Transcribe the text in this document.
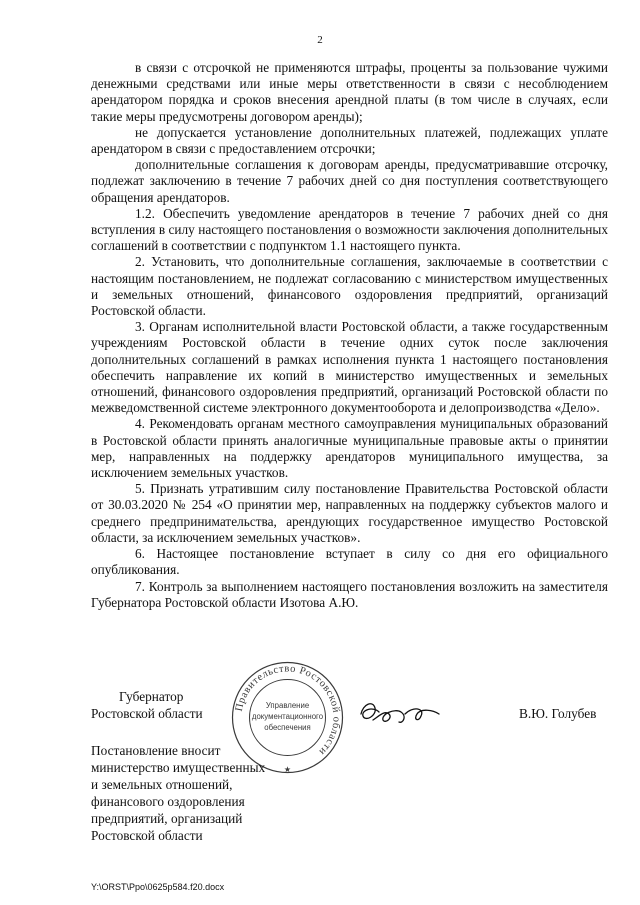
2

в связи с отсрочкой не применяются штрафы, проценты за пользование чужими денежными средствами или иные меры ответственности в связи с несоблюдением арендатором порядка и сроков внесения арендной платы (в том числе в случаях, если такие меры предусмотрены договором аренды);

не допускается установление дополнительных платежей, подлежащих уплате арендатором в связи с предоставлением отсрочки;

дополнительные соглашения к договорам аренды, предусматривавшие отсрочку, подлежат заключению в течение 7 рабочих дней со дня поступления соответствующего обращения арендаторов.

1.2. Обеспечить уведомление арендаторов в течение 7 рабочих дней со дня вступления в силу настоящего постановления о возможности заключения дополнительных соглашений в соответствии с подпунктом 1.1 настоящего пункта.

2. Установить, что дополнительные соглашения, заключаемые в соответствии с настоящим постановлением, не подлежат согласованию с министерством имущественных и земельных отношений, финансового оздоровления предприятий, организаций Ростовской области.

3. Органам исполнительной власти Ростовской области, а также государственным учреждениям Ростовской области в течение одних суток после заключения дополнительных соглашений в рамках исполнения пункта 1 настоящего постановления обеспечить направление их копий в министерство имущественных и земельных отношений, финансового оздоровления предприятий, организаций Ростовской области по межведомственной системе электронного документооборота и делопроизводства «Дело».

4. Рекомендовать органам местного самоуправления муниципальных образований в Ростовской области принять аналогичные муниципальные правовые акты о принятии мер, направленных на поддержку арендаторов муниципального имущества, за исключением земельных участков.

5. Признать утратившим силу постановление Правительства Ростовской области от 30.03.2020 № 254 «О принятии мер, направленных на поддержку субъектов малого и среднего предпринимательства, арендующих государственное имущество Ростовской области, за исключением земельных участков».

6. Настоящее постановление вступает в силу со дня его официального опубликования.

7. Контроль за выполнением настоящего постановления возложить на заместителя Губернатора Ростовской области Изотова А.Ю.

Губернатор
Ростовской области	Правительство Ростовской области
Управление
документационного
обеспечения
★
В.Ю. Голубев
Постановление вносит
министерство имущественных
и земельных отношений,
финансового оздоровления
предприятий, организаций
Ростовской области
Y:\ORST\Ppo\0625p584.f20.docx
